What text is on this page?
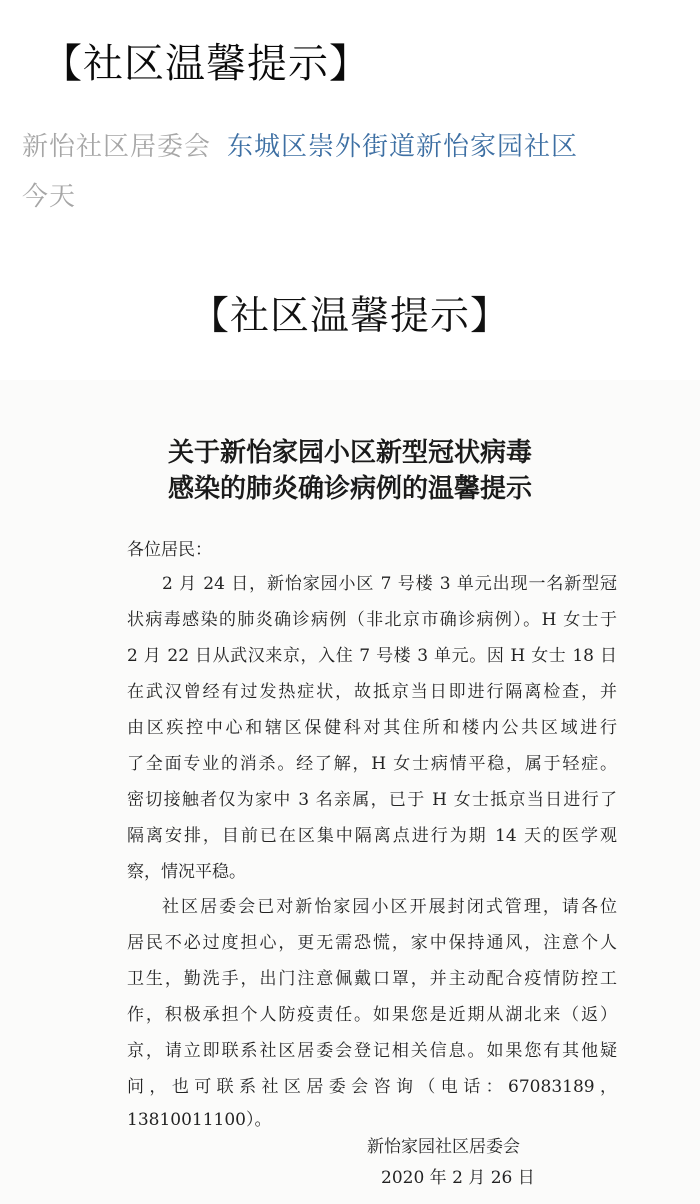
【社区温馨提示】
新怡社区居委会 东城区崇外街道新怡家园社区
今天
【社区温馨提示】
关于新怡家园小区新型冠状病毒
感染的肺炎确诊病例的温馨提示
各位居民：
2 月 24 日，新怡家园小区 7 号楼 3 单元出现一名新型冠
状病毒感染的肺炎确诊病例（非北京市确诊病例）。H 女士于
2 月 22 日从武汉来京，入住 7 号楼 3 单元。因 H 女士 18 日
在武汉曾经有过发热症状，故抵京当日即进行隔离检查，并
由区疾控中心和辖区保健科对其住所和楼内公共区域进行
了全面专业的消杀。经了解，H 女士病情平稳，属于轻症。
密切接触者仅为家中 3 名亲属，已于 H 女士抵京当日进行了
隔离安排，目前已在区集中隔离点进行为期 14 天的医学观
察，情况平稳。
社区居委会已对新怡家园小区开展封闭式管理，请各位
居民不必过度担心，更无需恐慌，家中保持通风，注意个人
卫生，勤洗手，出门注意佩戴口罩，并主动配合疫情防控工
作，积极承担个人防疫责任。如果您是近期从湖北来（返）
京，请立即联系社区居委会登记相关信息。如果您有其他疑
问，也可联系社区居委会咨询（电话：67083189，
13810011100）。
新怡家园社区居委会
2020 年 2 月 26 日
